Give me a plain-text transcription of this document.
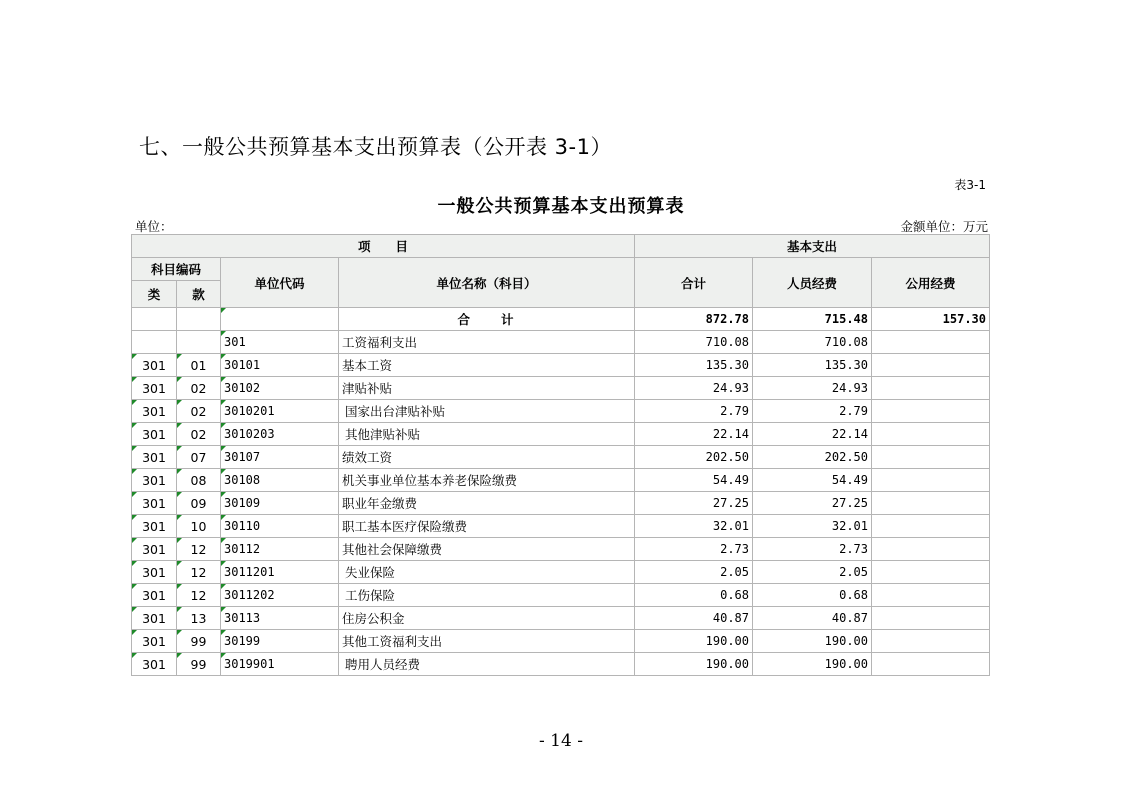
七、一般公共预算基本支出预算表（公开表 3-1）
表3-1
一般公共预算基本支出预算表
单位：	金额单位：万元
项　　目				基本支出		
科目编码		单位代码	单位名称（科目）	合计	人员经费	公用经费
类	款					
			合　　计	872.78	715.48	157.30
		301	工资福利支出	710.08	710.08	
301	01	30101	基本工资	135.30	135.30	
301	02	30102	津贴补贴	24.93	24.93	
301	02	3010201	国家出台津贴补贴	2.79	2.79	
301	02	3010203	其他津贴补贴	22.14	22.14	
301	07	30107	绩效工资	202.50	202.50	
301	08	30108	机关事业单位基本养老保险缴费	54.49	54.49	
301	09	30109	职业年金缴费	27.25	27.25	
301	10	30110	职工基本医疗保险缴费	32.01	32.01	
301	12	30112	其他社会保障缴费	2.73	2.73	
301	12	3011201	失业保险	2.05	2.05	
301	12	3011202	工伤保险	0.68	0.68	
301	13	30113	住房公积金	40.87	40.87	
301	99	30199	其他工资福利支出	190.00	190.00	
301	99	3019901	聘用人员经费	190.00	190.00	
- 14 -
